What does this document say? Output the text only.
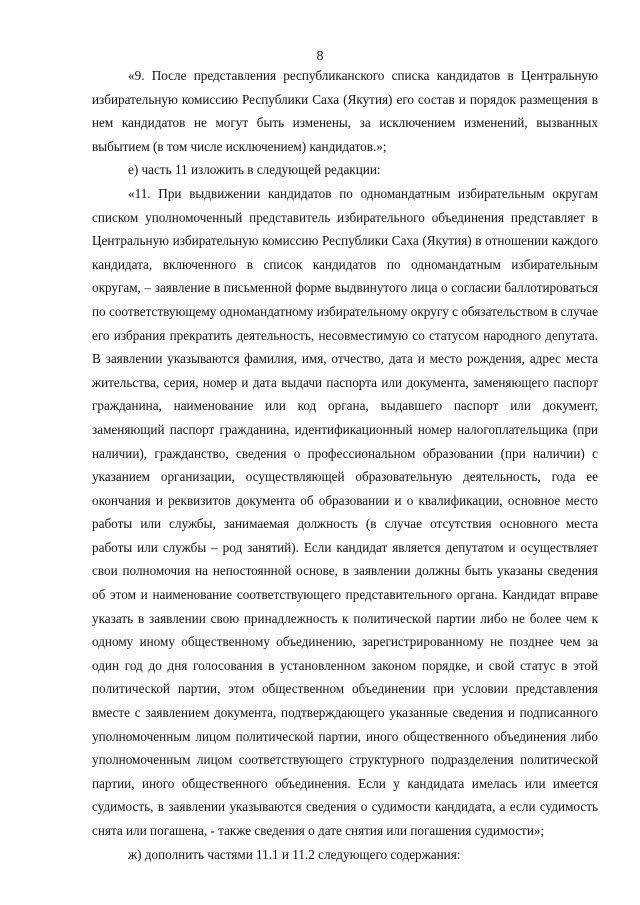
8

«9. После представления республиканского списка кандидатов в Центральную избирательную комиссию Республики Саха (Якутия) его состав и порядок размещения в нем кандидатов не могут быть изменены, за исключением изменений, вызванных выбытием (в том числе исключением) кандидатов.»;

е) часть 11 изложить в следующей редакции:

«11. При выдвижении кандидатов по одномандатным избирательным округам списком уполномоченный представитель избирательного объединения представляет в Центральную избирательную комиссию Республики Саха (Якутия) в отношении каждого кандидата, включенного в список кандидатов по одномандатным избирательным округам, – заявление в письменной форме выдвинутого лица о согласии баллотироваться по соответствующему одномандатному избирательному округу с обязательством в случае его избрания прекратить деятельность, несовместимую со статусом народного депутата. В заявлении указываются фамилия, имя, отчество, дата и место рождения, адрес места жительства, серия, номер и дата выдачи паспорта или документа, заменяющего паспорт гражданина, наименование или код органа, выдавшего паспорт или документ, заменяющий паспорт гражданина, идентификационный номер налогоплательщика (при наличии), гражданство, сведения о профессиональном образовании (при наличии) с указанием организации, осуществляющей образовательную деятельность, года ее окончания и реквизитов документа об образовании и о квалификации, основное место работы или службы, занимаемая должность (в случае отсутствия основного места работы или службы – род занятий). Если кандидат является депутатом и осуществляет свои полномочия на непостоянной основе, в заявлении должны быть указаны сведения об этом и наименование соответствующего представительного органа. Кандидат вправе указать в заявлении свою принадлежность к политической партии либо не более чем к одному иному общественному объединению, зарегистрированному не позднее чем за один год до дня голосования в установленном законом порядке, и свой статус в этой политической партии, этом общественном объединении при условии представления вместе с заявлением документа, подтверждающего указанные сведения и подписанного уполномоченным лицом политической партии, иного общественного объединения либо уполномоченным лицом соответствующего структурного подразделения политической партии, иного общественного объединения. Если у кандидата имелась или имеется судимость, в заявлении указываются сведения о судимости кандидата, а если судимость снята или погашена, - также сведения о дате снятия или погашения судимости»;

ж) дополнить частями 11.1 и 11.2 следующего содержания:
